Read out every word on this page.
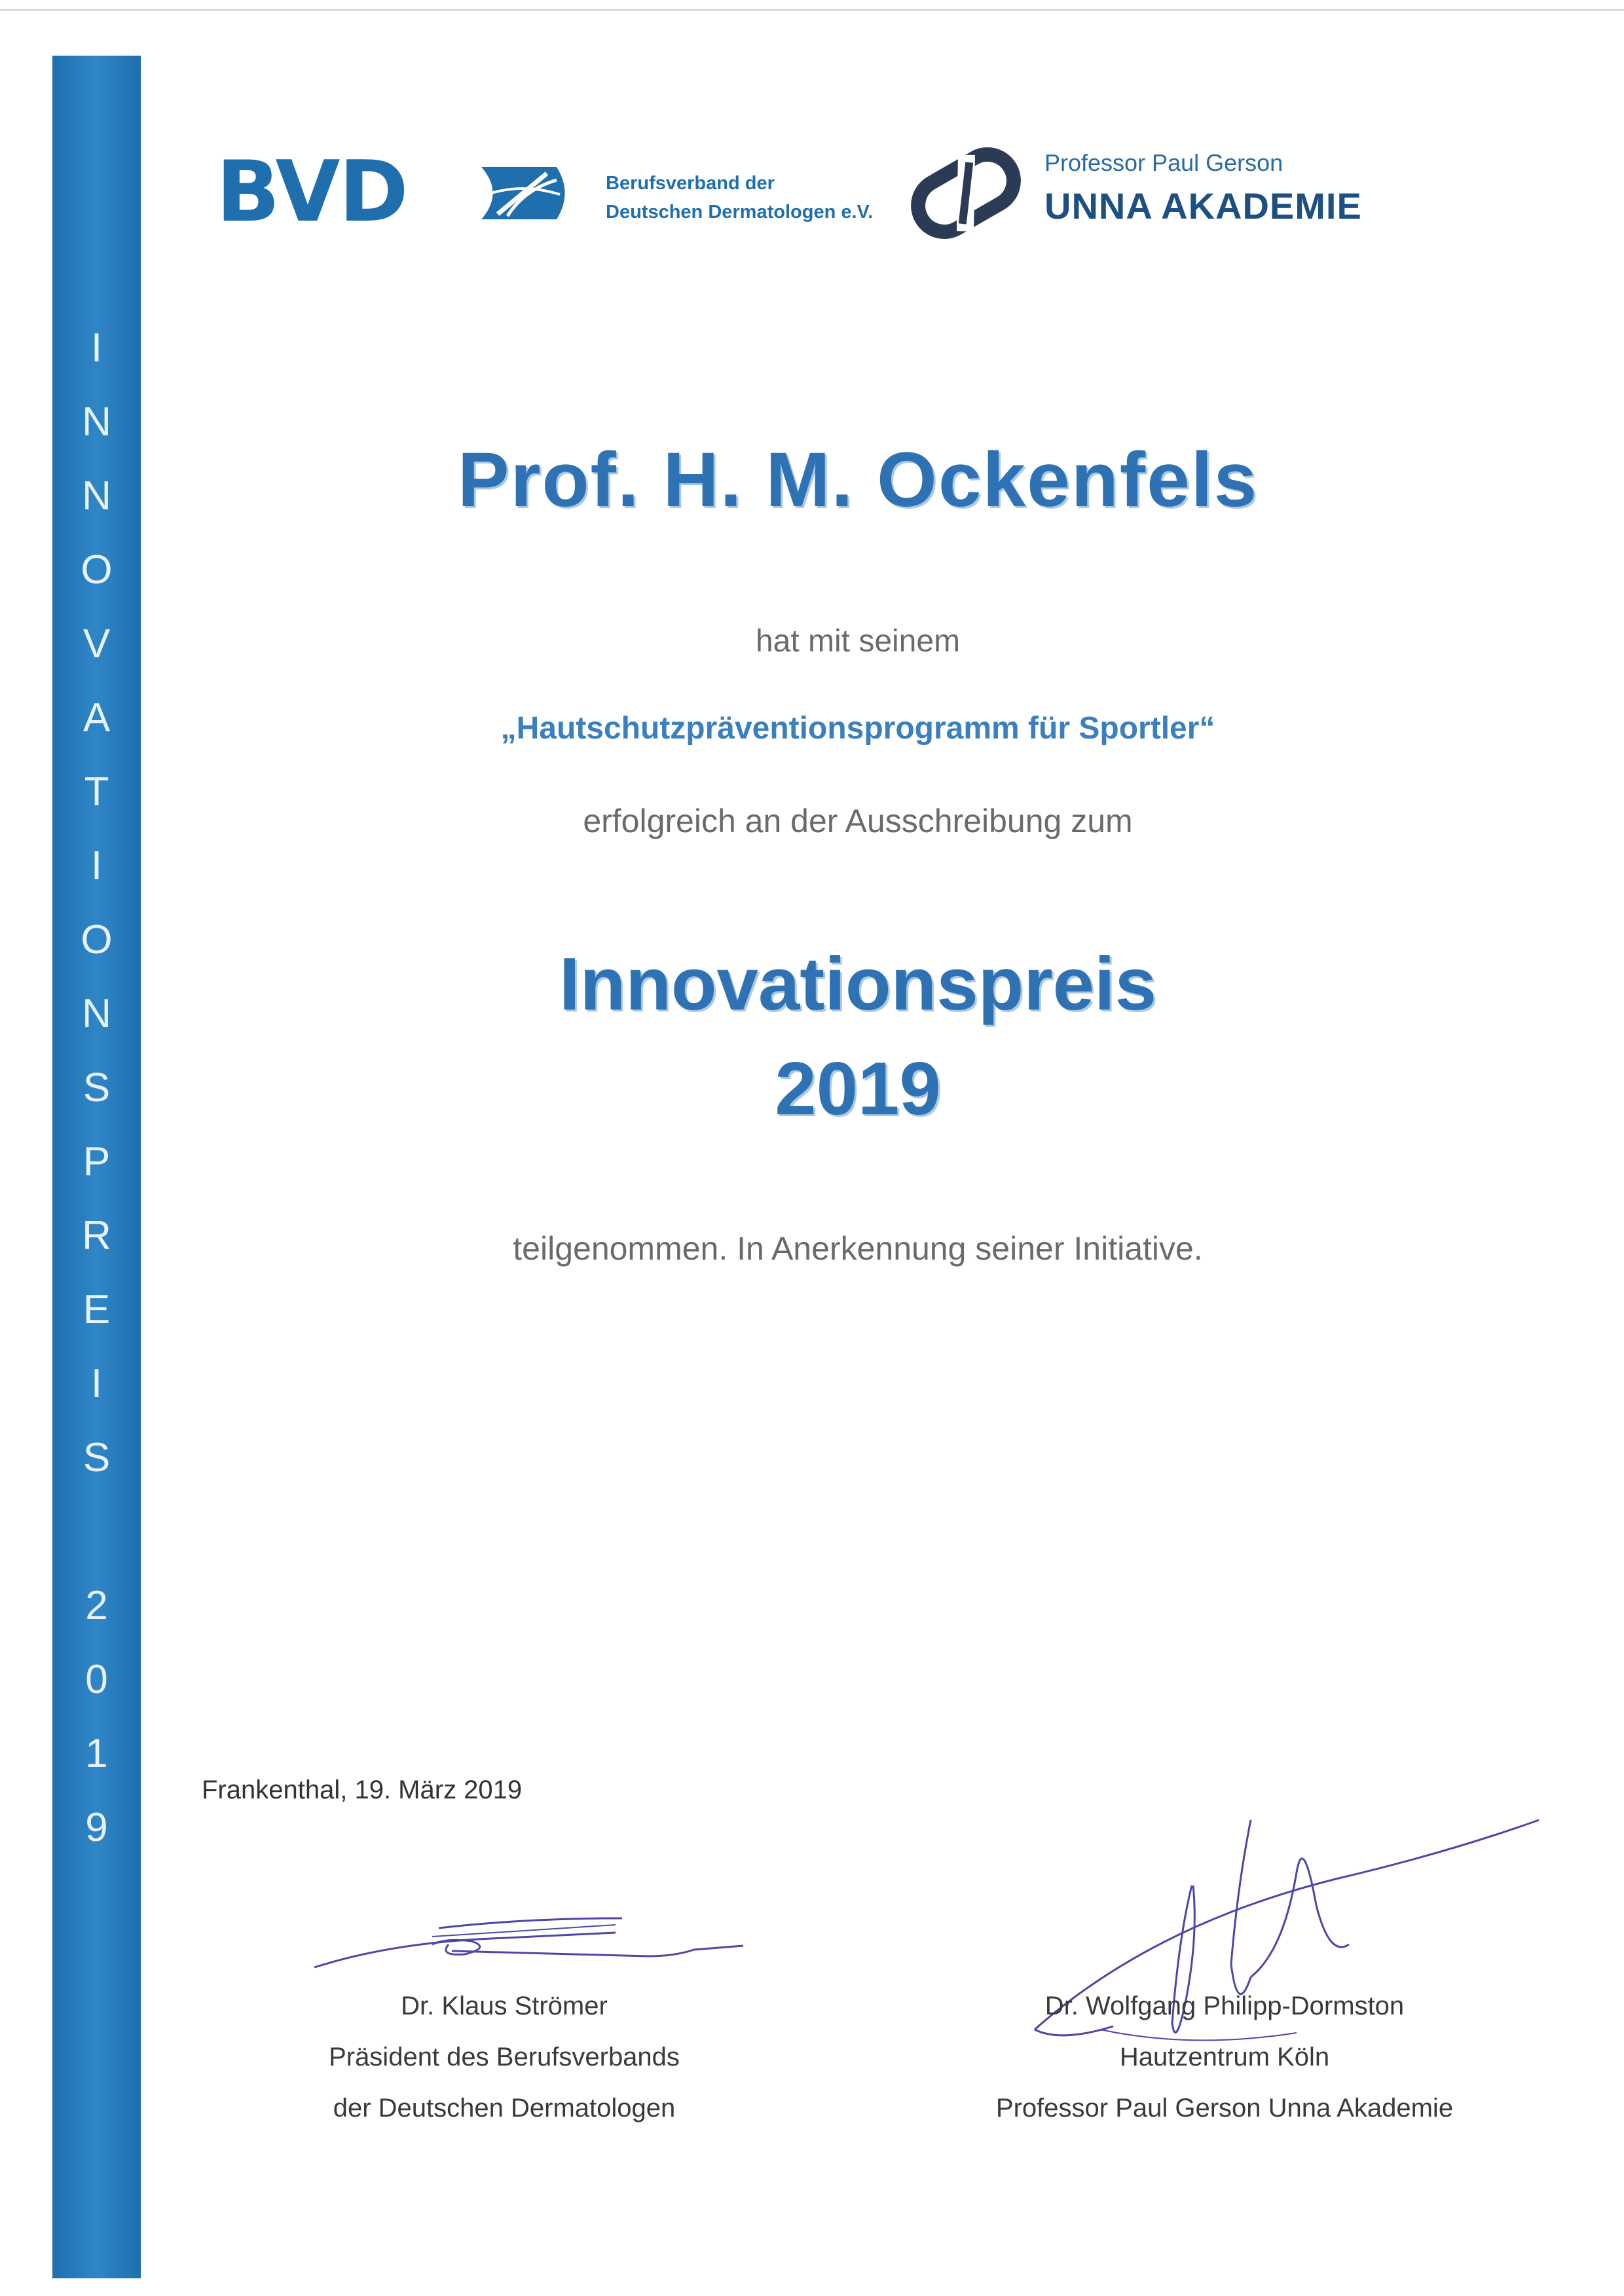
I
N
N
O
V
A
T
I
O
N
S
P
R
E
I
S
2
0
1
9
BVD	Berufsverband der
Deutschen Dermatologen e.V.
Professor Paul Gerson
UNNA AKADEMIE
Prof. H. M. Ockenfels
hat mit seinem
„Hautschutzpräventionsprogramm für Sportler“
erfolgreich an der Ausschreibung zum
Innovationspreis
2019
teilgenommen. In Anerkennung seiner Initiative.
Frankenthal, 19. März 2019
Dr. Klaus Strömer
Präsident des Berufsverbands
der Deutschen Dermatologen
Dr. Wolfgang Philipp-Dormston
Hautzentrum Köln
Professor Paul Gerson Unna Akademie
